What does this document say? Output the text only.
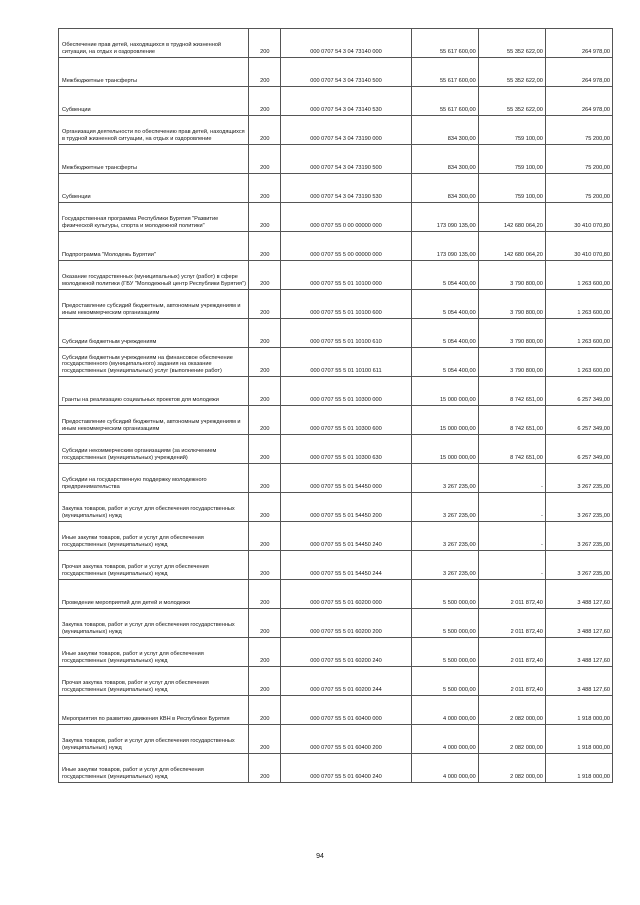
Обеспечение прав детей, находящихся в трудной жизненной ситуации, на отдых и оздоровление	200	000 0707 54 3 04 73140 000	55 617 600,00	55 352 622,00	264 978,00
Межбюджетные трансферты	200	000 0707 54 3 04 73140 500	55 617 600,00	55 352 622,00	264 978,00
Субвенции	200	000 0707 54 3 04 73140 530	55 617 600,00	55 352 622,00	264 978,00
Организация деятельности по обеспечению прав детей, находящихся в трудной жизненной ситуации, на отдых и оздоровление	200	000 0707 54 3 04 73190 000	834 300,00	759 100,00	75 200,00
Межбюджетные трансферты	200	000 0707 54 3 04 73190 500	834 300,00	759 100,00	75 200,00
Субвенции	200	000 0707 54 3 04 73190 530	834 300,00	759 100,00	75 200,00
Государственная программа Республики Бурятия "Развитие физической культуры, спорта и молодежной политики"	200	000 0707 55 0 00 00000 000	173 090 135,00	142 680 064,20	30 410 070,80
Подпрограмма "Молодежь Бурятии"	200	000 0707 55 5 00 00000 000	173 090 135,00	142 680 064,20	30 410 070,80
Оказание государственных (муниципальных) услуг (работ) в сфере молодежной политики (ГБУ "Молодежный центр Республики Бурятия")	200	000 0707 55 5 01 10100 000	5 054 400,00	3 790 800,00	1 263 600,00
Предоставление субсидий бюджетным, автономным учреждениям и иным некоммерческим организациям	200	000 0707 55 5 01 10100 600	5 054 400,00	3 790 800,00	1 263 600,00
Субсидии бюджетным учреждениям	200	000 0707 55 5 01 10100 610	5 054 400,00	3 790 800,00	1 263 600,00
Субсидии бюджетным учреждениям на финансовое обеспечение государственного (муниципального) задания на оказание государственных (муниципальных) услуг (выполнение работ)	200	000 0707 55 5 01 10100 611	5 054 400,00	3 790 800,00	1 263 600,00
Гранты на реализацию социальных проектов для молодежи	200	000 0707 55 5 01 10300 000	15 000 000,00	8 742 651,00	6 257 349,00
Предоставление субсидий бюджетным, автономным учреждениям и иным некоммерческим организациям	200	000 0707 55 5 01 10300 600	15 000 000,00	8 742 651,00	6 257 349,00
Субсидии некоммерческим организациям (за исключением государственных (муниципальных) учреждений)	200	000 0707 55 5 01 10300 630	15 000 000,00	8 742 651,00	6 257 349,00
Субсидии на государственную поддержку молодежного предпринимательства	200	000 0707 55 5 01 54450 000	3 267 235,00	-	3 267 235,00
Закупка товаров, работ и услуг для обеспечения государственных (муниципальных) нужд	200	000 0707 55 5 01 54450 200	3 267 235,00	-	3 267 235,00
Иные закупки товаров, работ и услуг для обеспечения государственных (муниципальных) нужд	200	000 0707 55 5 01 54450 240	3 267 235,00	-	3 267 235,00
Прочая закупка товаров, работ и услуг для обеспечения государственных (муниципальных) нужд	200	000 0707 55 5 01 54450 244	3 267 235,00	-	3 267 235,00
Проведение мероприятий для детей и молодежи	200	000 0707 55 5 01 60200 000	5 500 000,00	2 011 872,40	3 488 127,60
Закупка товаров, работ и услуг для обеспечения государственных (муниципальных) нужд	200	000 0707 55 5 01 60200 200	5 500 000,00	2 011 872,40	3 488 127,60
Иные закупки товаров, работ и услуг для обеспечения государственных (муниципальных) нужд	200	000 0707 55 5 01 60200 240	5 500 000,00	2 011 872,40	3 488 127,60
Прочая закупка товаров, работ и услуг для обеспечения государственных (муниципальных) нужд	200	000 0707 55 5 01 60200 244	5 500 000,00	2 011 872,40	3 488 127,60
Мероприятия по развитию движения КВН в Республике Бурятия	200	000 0707 55 5 01 60400 000	4 000 000,00	2 082 000,00	1 918 000,00
Закупка товаров, работ и услуг для обеспечения государственных (муниципальных) нужд	200	000 0707 55 5 01 60400 200	4 000 000,00	2 082 000,00	1 918 000,00
Иные закупки товаров, работ и услуг для обеспечения государственных (муниципальных) нужд	200	000 0707 55 5 01 60400 240	4 000 000,00	2 082 000,00	1 918 000,00
94
